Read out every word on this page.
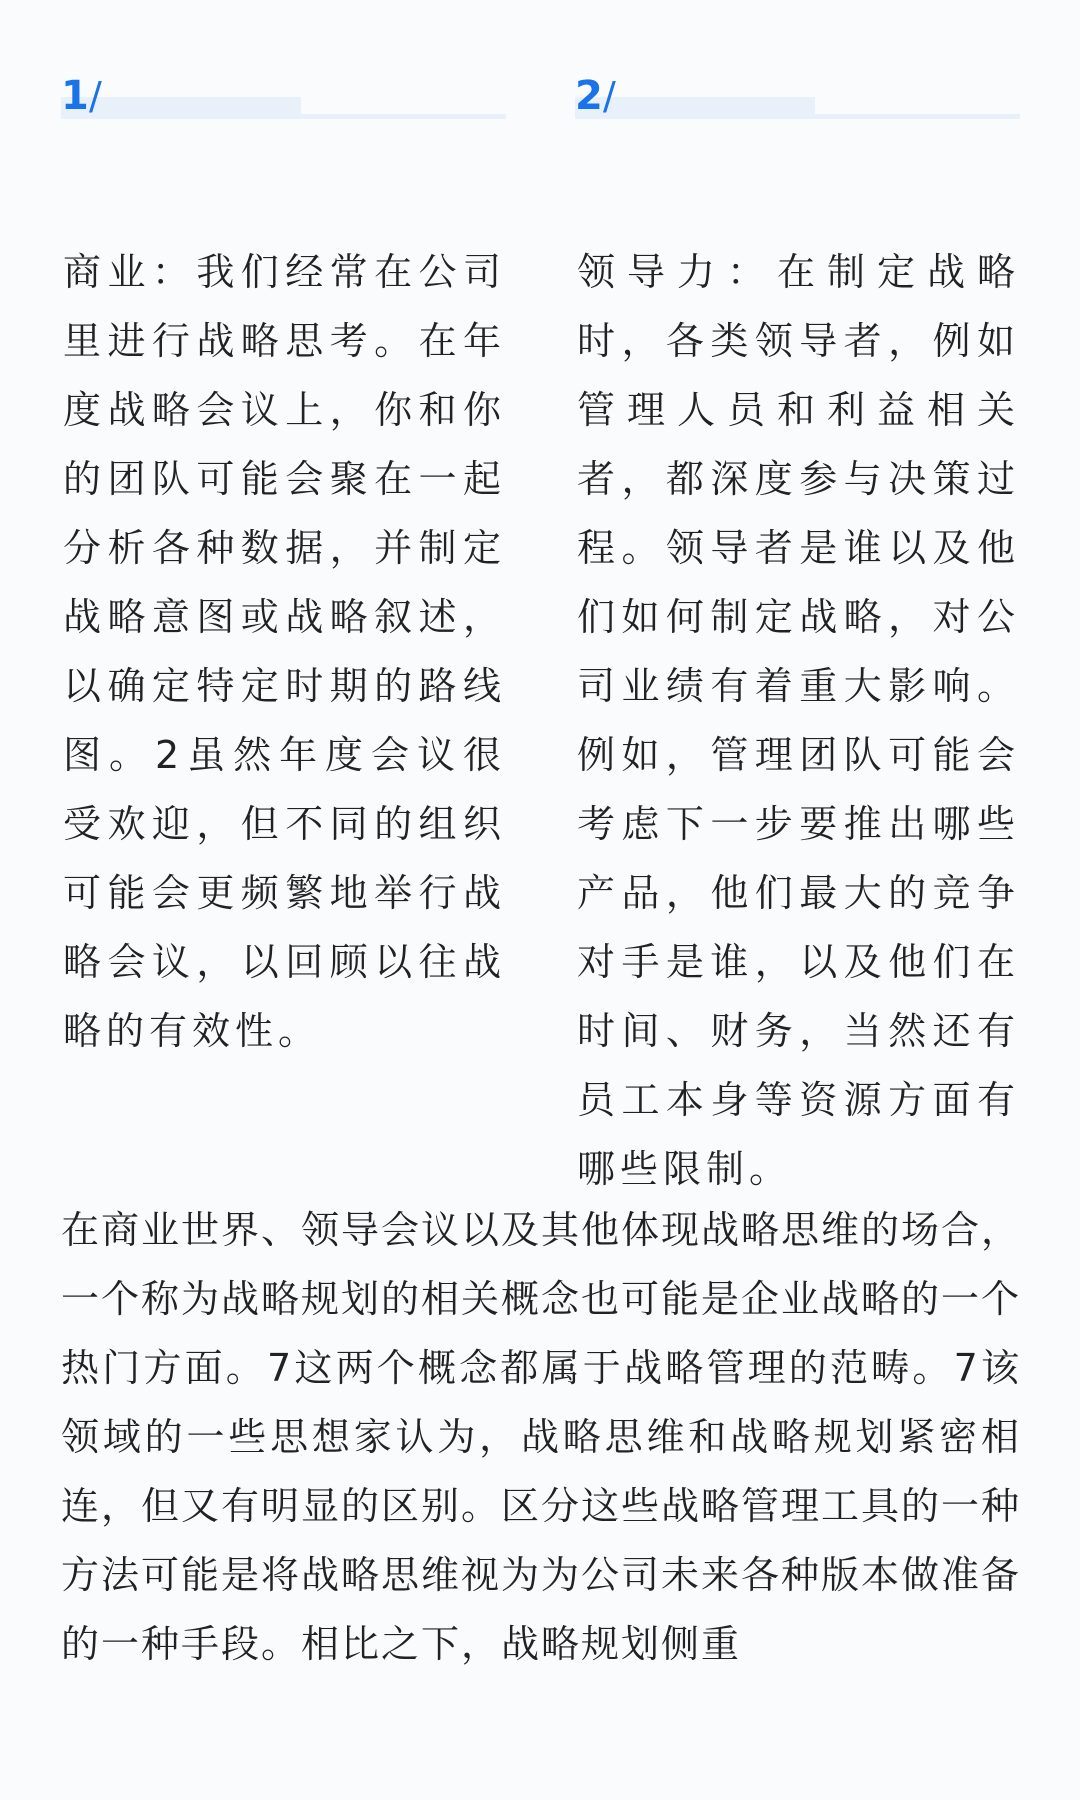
1 /

商业：我们经常在公司里进行战略思考。在年度战略会议上，你和你的团队可能会聚在一起分析各种数据，并制定战略意图或战略叙述，以确定特定时期的路线图。2虽然年度会议很受欢迎，但不同的组织可能会更频繁地举行战略会议，以回顾以往战略的有效性。

2 /

领导力：在制定战略时，各类领导者，例如管理人员和利益相关者，都深度参与决策过程。领导者是谁以及他们如何制定战略，对公司业绩有着重大影响。例如，管理团队可能会考虑下一步要推出哪些产品，他们最大的竞争对手是谁，以及他们在时间、财务，当然还有员工本身等资源方面有哪些限制。

在商业世界、领导会议以及其他体现战略思维的场合，一个称为战略规划的相关概念也可能是企业战略的一个热门方面。7这两个概念都属于战略管理的范畴。7该领域的一些思想家认为，战略思维和战略规划紧密相连，但又有明显的区别。区分这些战略管理工具的一种方法可能是将战略思维视为为公司未来各种版本做准备的一种手段。相比之下，战略规划侧重
